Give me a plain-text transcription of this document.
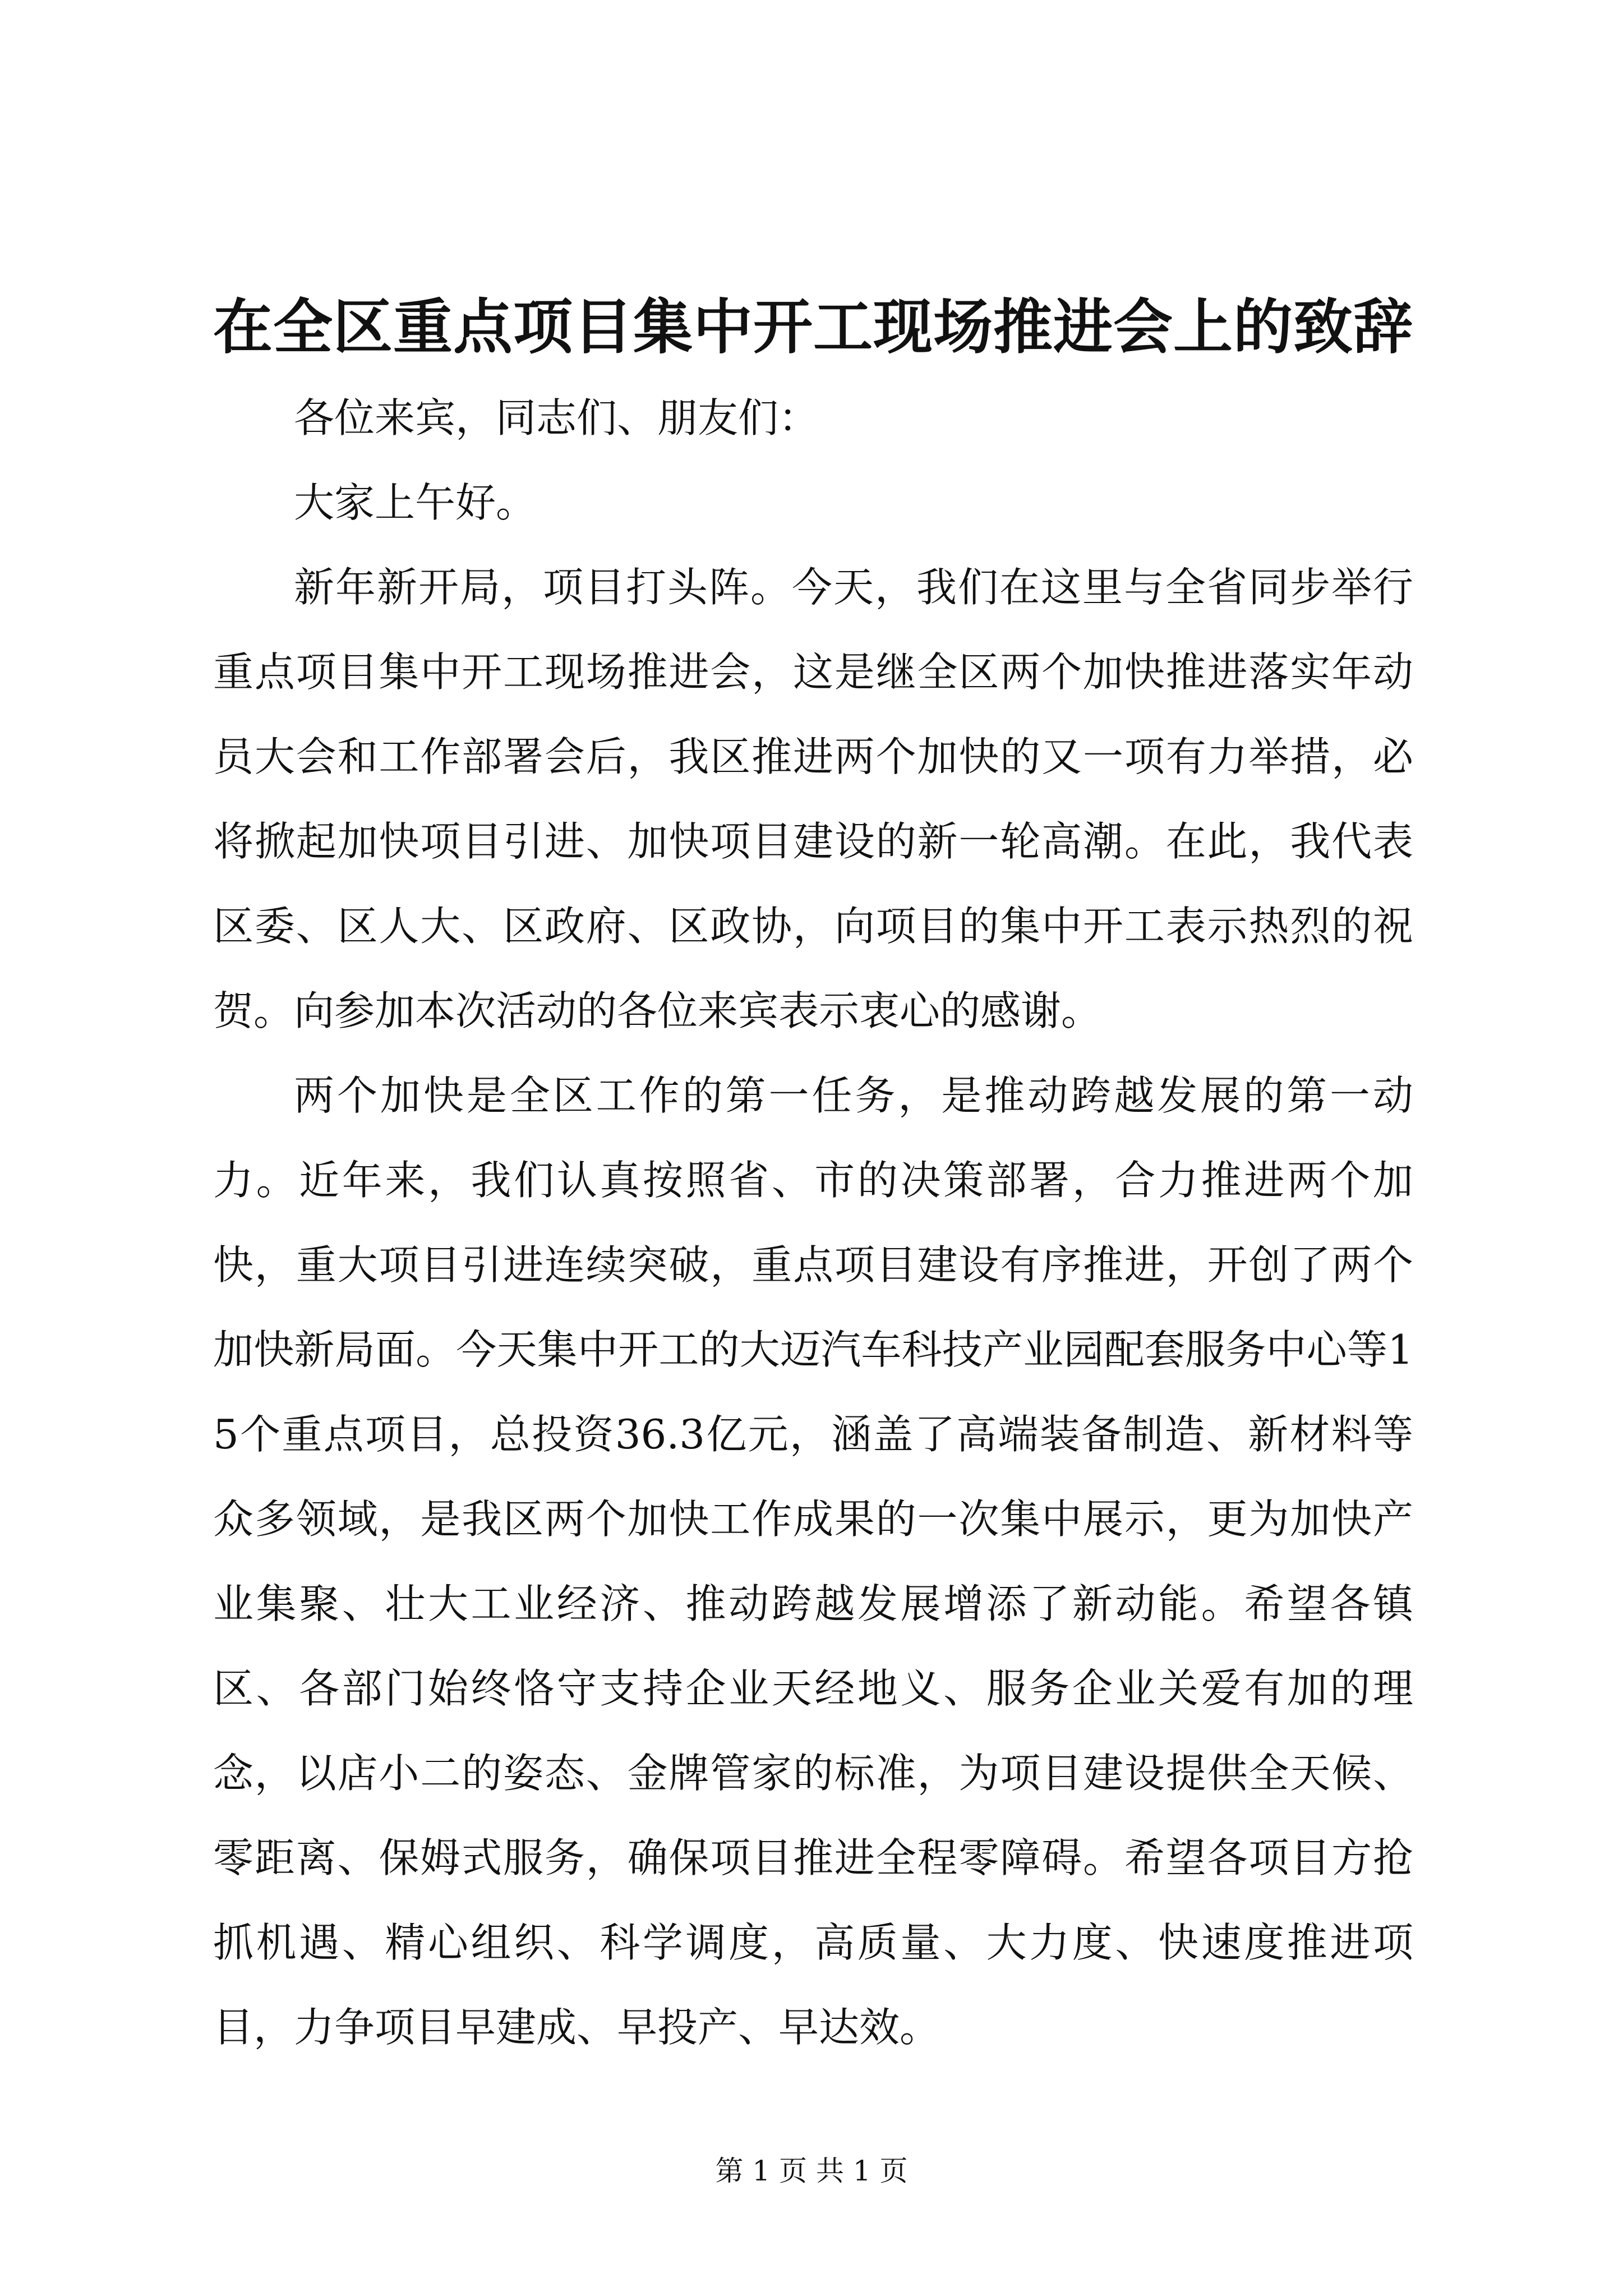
在全区重点项目集中开工现场推进会上的致辞

各位来宾，同志们、朋友们：

大家上午好。

新年新开局，项目打头阵。今天，我们在这里与全省同步举行重点项目集中开工现场推进会，这是继全区两个加快推进落实年动员大会和工作部署会后，我区推进两个加快的又一项有力举措，必将掀起加快项目引进、加快项目建设的新一轮高潮。在此，我代表区委、区人大、区政府、区政协，向项目的集中开工表示热烈的祝贺。向参加本次活动的各位来宾表示衷心的感谢。

两个加快是全区工作的第一任务，是推动跨越发展的第一动力。近年来，我们认真按照省、市的决策部署，合力推进两个加快，重大项目引进连续突破，重点项目建设有序推进，开创了两个加快新局面。今天集中开工的大迈汽车科技产业园配套服务中心等15个重点项目，总投资36.3亿元，涵盖了高端装备制造、新材料等众多领域，是我区两个加快工作成果的一次集中展示，更为加快产业集聚、壮大工业经济、推动跨越发展增添了新动能。希望各镇区、各部门始终恪守支持企业天经地义、服务企业关爱有加的理念，以店小二的姿态、金牌管家的标准，为项目建设提供全天候、零距离、保姆式服务，确保项目推进全程零障碍。希望各项目方抢抓机遇、精心组织、科学调度，高质量、大力度、快速度推进项目，力争项目早建成、早投产、早达效。

第 1 页 共 1 页
